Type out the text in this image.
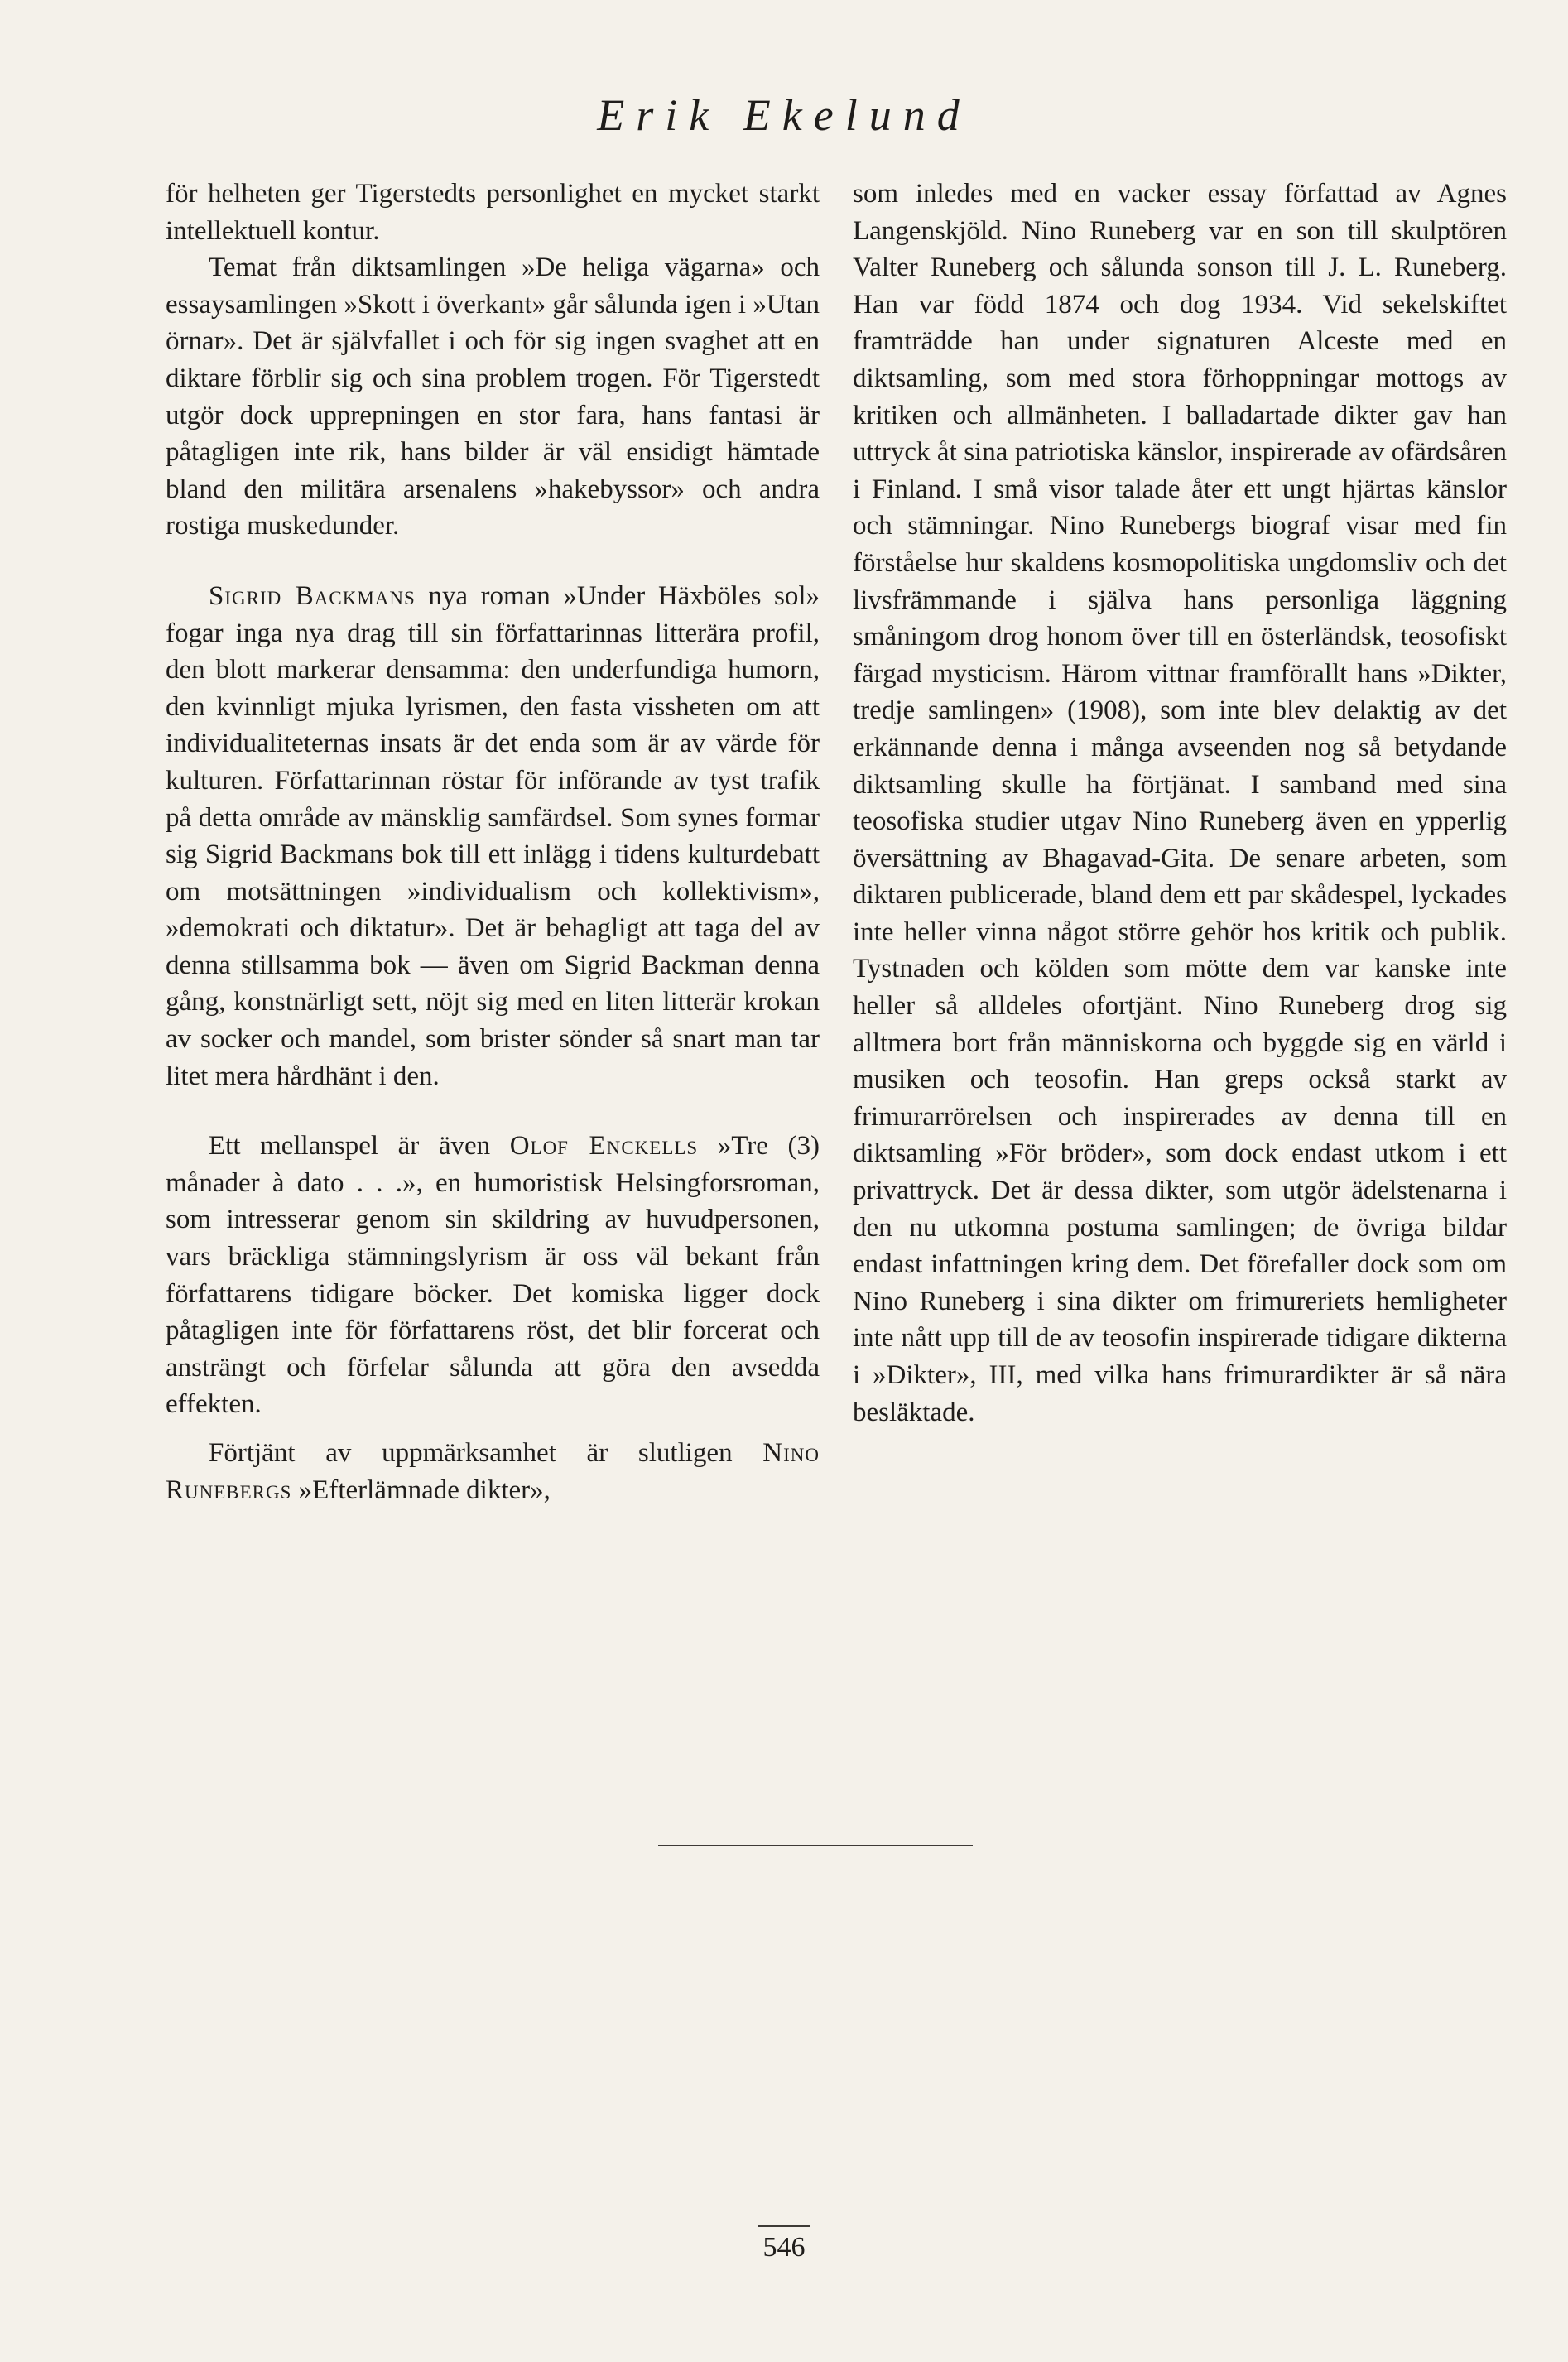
Erik Ekelund

för helheten ger Tigerstedts personlighet en mycket starkt intellektuell kontur.

Temat från diktsamlingen »De heliga vägarna» och essaysamlingen »Skott i överkant» går sålunda igen i »Utan örnar». Det är självfallet i och för sig ingen svaghet att en diktare förblir sig och sina problem trogen. För Tigerstedt utgör dock upprepningen en stor fara, hans fantasi är påtagligen inte rik, hans bilder är väl ensidigt hämtade bland den militära arsenalens »hakebyssor» och andra rostiga muskedunder.

Sigrid Backmans nya roman »Under Häxböles sol» fogar inga nya drag till sin författarinnas litterära profil, den blott markerar densamma: den underfundiga humorn, den kvinnligt mjuka lyrismen, den fasta vissheten om att individualiteternas insats är det enda som är av värde för kulturen. Författarinnan röstar för införande av tyst trafik på detta område av mänsklig samfärdsel. Som synes formar sig Sigrid Backmans bok till ett inlägg i tidens kulturdebatt om motsättningen »individualism och kollektivism», »demokrati och diktatur». Det är behagligt att taga del av denna stillsamma bok — även om Sigrid Backman denna gång, konstnärligt sett, nöjt sig med en liten litterär krokan av socker och mandel, som brister sönder så snart man tar litet mera hårdhänt i den.

Ett mellanspel är även Olof Enckells »Tre (3) månader à dato . . .», en humoristisk Helsingforsroman, som intresserar genom sin skildring av huvudpersonen, vars bräckliga stämningslyrism är oss väl bekant från författarens tidigare böcker. Det komiska ligger dock påtagligen inte för författarens röst, det blir forcerat och ansträngt och förfelar sålunda att göra den avsedda effekten.

Förtjänt av uppmärksamhet är slutligen Nino Runebergs »Efterlämnade dikter»,

som inledes med en vacker essay författad av Agnes Langenskjöld. Nino Runeberg var en son till skulptören Valter Runeberg och sålunda sonson till J. L. Runeberg. Han var född 1874 och dog 1934. Vid sekelskiftet framträdde han under signaturen Alceste med en diktsamling, som med stora förhoppningar mottogs av kritiken och allmänheten. I balladartade dikter gav han uttryck åt sina patriotiska känslor, inspirerade av ofärdsåren i Finland. I små visor talade åter ett ungt hjärtas känslor och stämningar. Nino Runebergs biograf visar med fin förståelse hur skaldens kosmopolitiska ungdomsliv och det livsfrämmande i själva hans personliga läggning småningom drog honom över till en österländsk, teosofiskt färgad mysticism. Härom vittnar framförallt hans »Dikter, tredje samlingen» (1908), som inte blev delaktig av det erkännande denna i många avseenden nog så betydande diktsamling skulle ha förtjänat. I samband med sina teosofiska studier utgav Nino Runeberg även en ypperlig översättning av Bhagavad-Gita. De senare arbeten, som diktaren publicerade, bland dem ett par skådespel, lyckades inte heller vinna något större gehör hos kritik och publik. Tystnaden och kölden som mötte dem var kanske inte heller så alldeles ofortjänt. Nino Runeberg drog sig alltmera bort från människorna och byggde sig en värld i musiken och teosofin. Han greps också starkt av frimurarrörelsen och inspirerades av denna till en diktsamling »För bröder», som dock endast utkom i ett privattryck. Det är dessa dikter, som utgör ädelstenarna i den nu utkomna postuma samlingen; de övriga bildar endast infattningen kring dem. Det förefaller dock som om Nino Runeberg i sina dikter om frimureriets hemligheter inte nått upp till de av teosofin inspirerade tidigare dikterna i »Dikter», III, med vilka hans frimurardikter är så nära besläktade.

546
